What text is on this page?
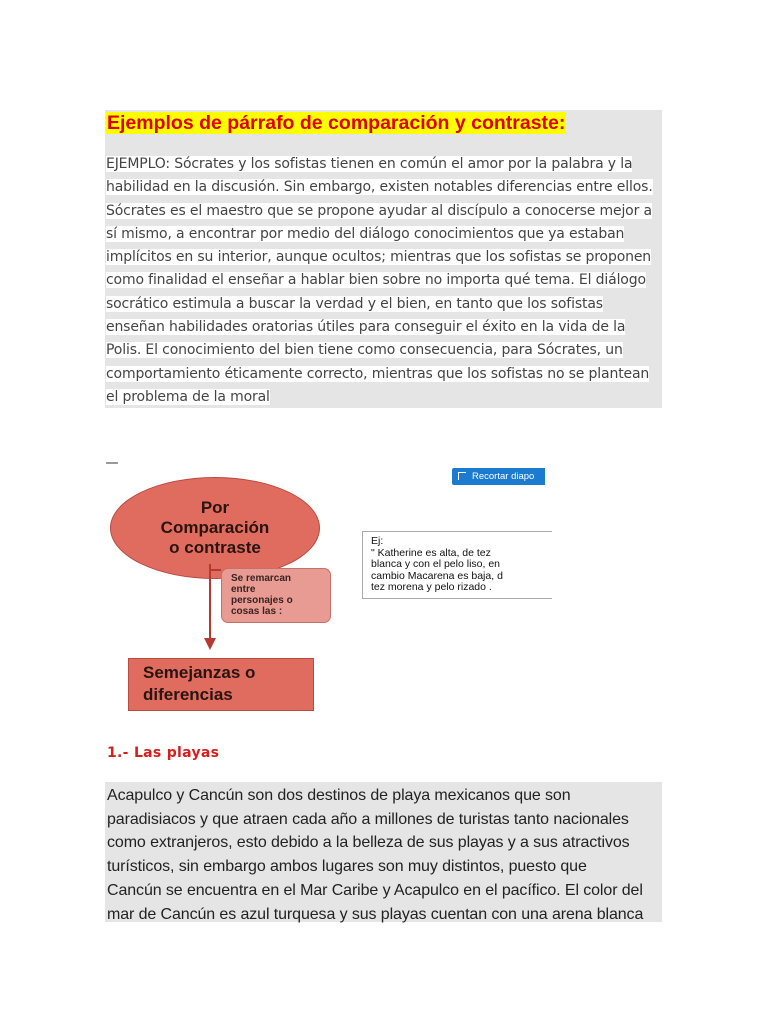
Ejemplos de párrafo de comparación y contraste:
EJEMPLO: Sócrates y los sofistas tienen en común el amor por la palabra y la
habilidad en la discusión. Sin embargo, existen notables diferencias entre ellos.
Sócrates es el maestro que se propone ayudar al discípulo a conocerse mejor a
sí mismo, a encontrar por medio del diálogo conocimientos que ya estaban
implícitos en su interior, aunque ocultos; mientras que los sofistas se proponen
como finalidad el enseñar a hablar bien sobre no importa qué tema. El diálogo
socrático estimula a buscar la verdad y el bien, en tanto que los sofistas
enseñan habilidades oratorias útiles para conseguir el éxito en la vida de la
Polis. El conocimiento del bien tiene como consecuencia, para Sócrates, un
comportamiento éticamente correcto, mientras que los sofistas no se plantean
el problema de la moral
Por
Comparación
o contraste
Se remarcan
entre
personajes o
cosas las :
Semejanzas o
diferencias
Ej:
" Katherine es alta, de tez
blanca y con el pelo liso, en
cambio Macarena es baja, d
tez morena y pelo rizado .
Recortar diapo
1.- Las playas
Acapulco y Cancún son dos destinos de playa mexicanos que son
paradisiacos y que atraen cada año a millones de turistas tanto nacionales
como extranjeros, esto debido a la belleza de sus playas y a sus atractivos
turísticos, sin embargo ambos lugares son muy distintos, puesto que
Cancún se encuentra en el Mar Caribe y Acapulco en el pacífico. El color del
mar de Cancún es azul turquesa y sus playas cuentan con una arena blanca
